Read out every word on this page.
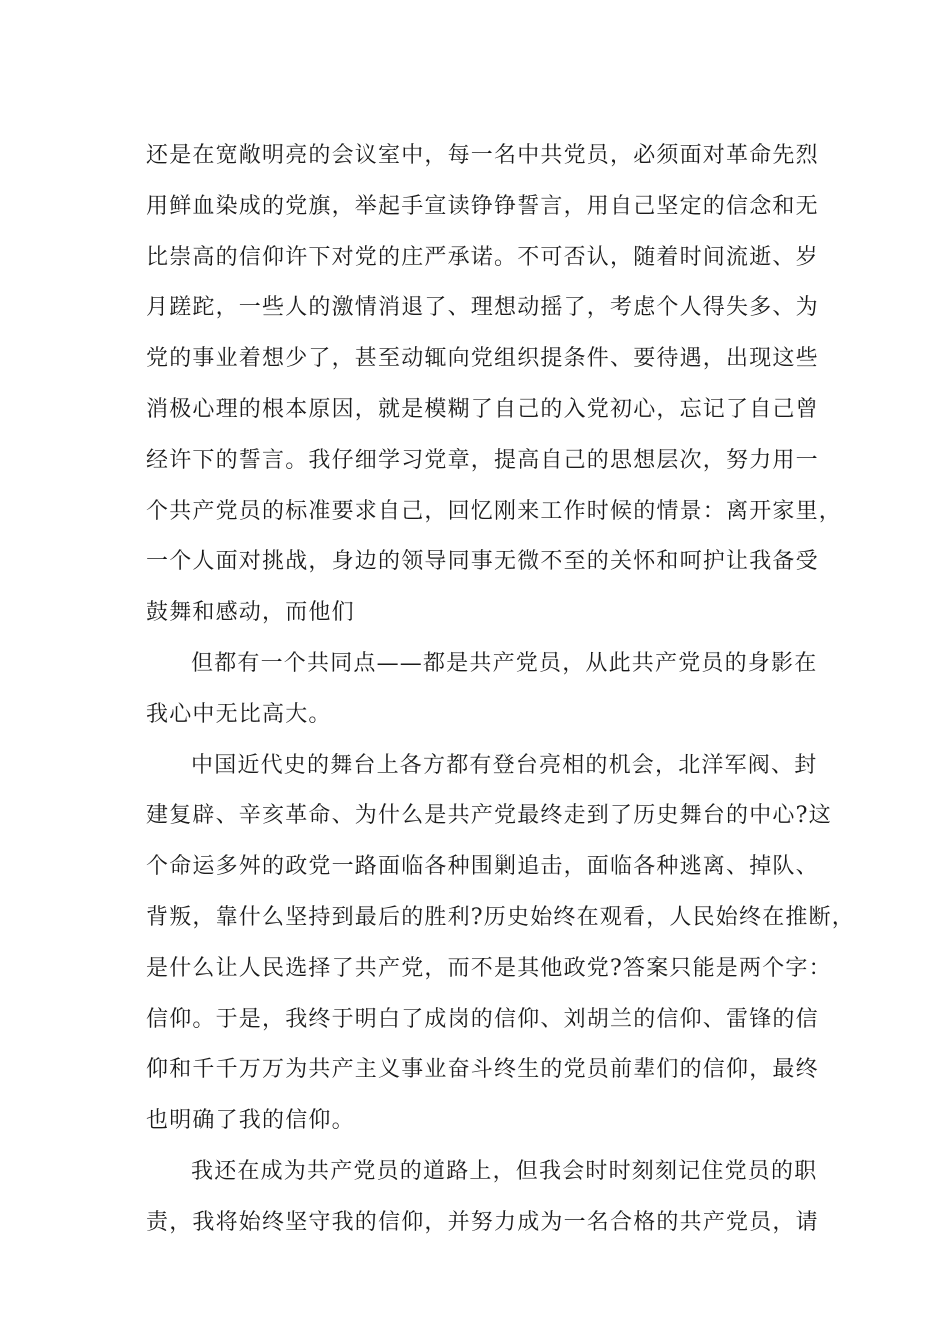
还是在宽敞明亮的会议室中，每一名中共党员，必须面对革命先烈
用鲜血染成的党旗，举起手宣读铮铮誓言，用自己坚定的信念和无
比崇高的信仰许下对党的庄严承诺。不可否认，随着时间流逝、岁
月蹉跎，一些人的激情消退了、理想动摇了，考虑个人得失多、为
党的事业着想少了，甚至动辄向党组织提条件、要待遇，出现这些
消极心理的根本原因，就是模糊了自己的入党初心，忘记了自己曾
经许下的誓言。我仔细学习党章，提高自己的思想层次，努力用一
个共产党员的标准要求自己，回忆刚来工作时候的情景：离开家里，
一个人面对挑战，身边的领导同事无微不至的关怀和呵护让我备受
鼓舞和感动，而他们
但都有一个共同点——都是共产党员，从此共产党员的身影在
我心中无比高大。
中国近代史的舞台上各方都有登台亮相的机会，北洋军阀、封
建复辟、辛亥革命、为什么是共产党最终走到了历史舞台的中心?这
个命运多舛的政党一路面临各种围剿追击，面临各种逃离、掉队、
背叛，靠什么坚持到最后的胜利?历史始终在观看，人民始终在推断，
是什么让人民选择了共产党，而不是其他政党?答案只能是两个字：
信仰。于是，我终于明白了成岗的信仰、刘胡兰的信仰、雷锋的信
仰和千千万万为共产主义事业奋斗终生的党员前辈们的信仰，最终
也明确了我的信仰。
我还在成为共产党员的道路上，但我会时时刻刻记住党员的职
责，我将始终坚守我的信仰，并努力成为一名合格的共产党员，请
